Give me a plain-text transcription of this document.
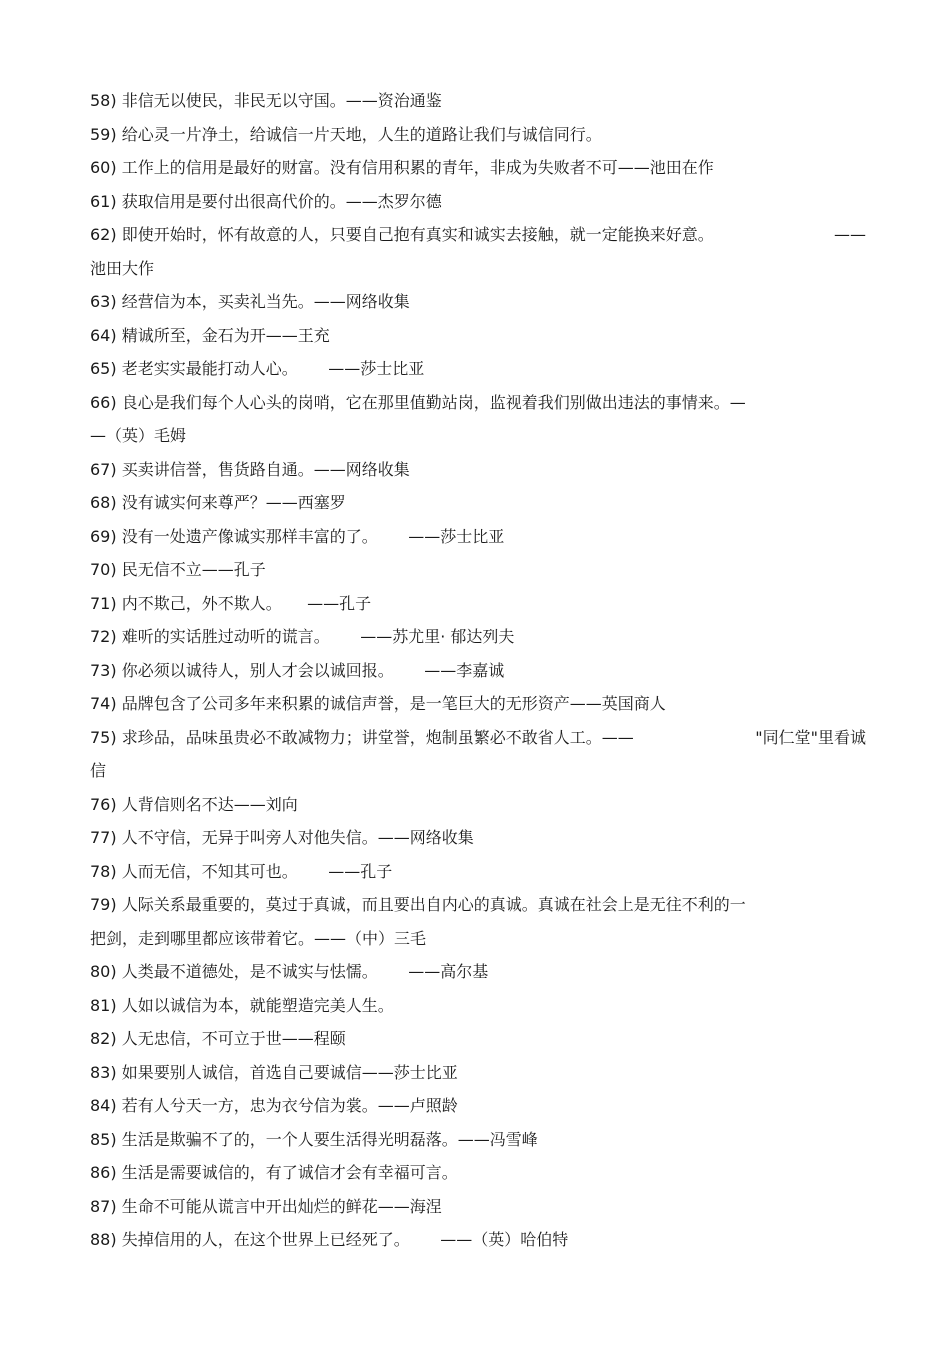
58) 非信无以使民，非民无以守国。——资治通鉴
59) 给心灵一片净土，给诚信一片天地，人生的道路让我们与诚信同行。
60) 工作上的信用是最好的财富。没有信用积累的青年，非成为失败者不可——池田在作
61) 获取信用是要付出很高代价的。——杰罗尔德
62) 即使开始时，怀有故意的人，只要自己抱有真实和诚实去接触，就一定能换来好意。	——
池田大作
63) 经营信为本，买卖礼当先。——网络收集
64) 精诚所至，金石为开——王充
65) 老老实实最能打动人心。      ——莎士比亚
66) 良心是我们每个人心头的岗哨，它在那里值勤站岗，监视着我们别做出违法的事情来。—
—（英）毛姆
67) 买卖讲信誉，售货路自通。——网络收集
68) 没有诚实何来尊严？——西塞罗
69) 没有一处遗产像诚实那样丰富的了。      ——莎士比亚
70) 民无信不立——孔子
71) 内不欺己，外不欺人。     ——孔子
72) 难听的实话胜过动听的谎言。      ——苏尤里· 郁达列夫
73) 你必须以诚待人，别人才会以诚回报。      ——李嘉诚
74) 品牌包含了公司多年来积累的诚信声誉，是一笔巨大的无形资产——英国商人
75) 求珍品，品味虽贵必不敢减物力；讲堂誉，炮制虽繁必不敢省人工。——	"同仁堂"里看诚
信
76) 人背信则名不达——刘向
77) 人不守信，无异于叫旁人对他失信。——网络收集
78) 人而无信，不知其可也。      ——孔子
79) 人际关系最重要的，莫过于真诚，而且要出自内心的真诚。真诚在社会上是无往不利的一
把剑，走到哪里都应该带着它。——（中）三毛
80) 人类最不道德处，是不诚实与怯懦。      ——高尔基
81) 人如以诚信为本，就能塑造完美人生。
82) 人无忠信，不可立于世——程颐
83) 如果要别人诚信，首选自己要诚信——莎士比亚
84) 若有人兮天一方，忠为衣兮信为裳。——卢照龄
85) 生活是欺骗不了的，一个人要生活得光明磊落。——冯雪峰
86) 生活是需要诚信的，有了诚信才会有幸福可言。
87) 生命不可能从谎言中开出灿烂的鲜花——海涅
88) 失掉信用的人，在这个世界上已经死了。      ——（英）哈伯特
